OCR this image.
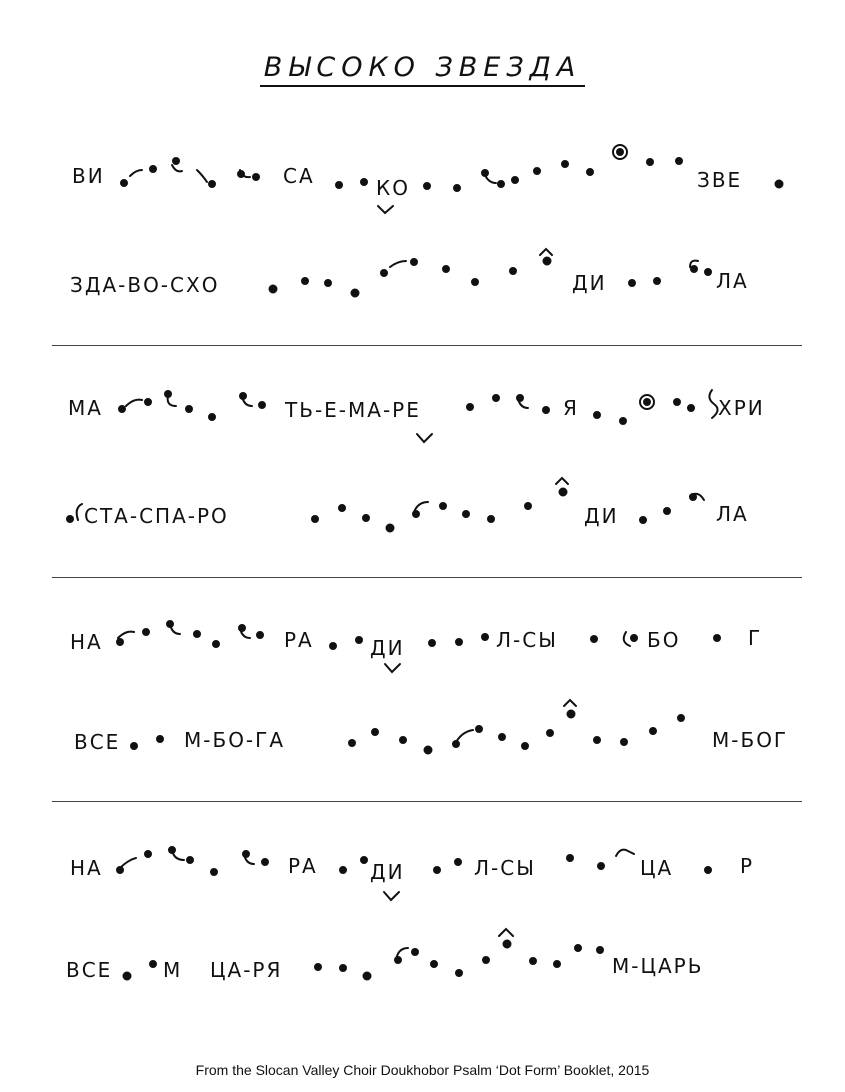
ВЫСОКО ЗВЕЗДА
ВИ	СА	КО	ЗВЕ
ЗДА-ВО-СХО	ДИ	ЛА
МА	ТЬ-Е-МА-РЕ	Я	ХРИ
СТА-СПА-РО	ДИ	ЛА
НА	РА	ДИ	Л-СЫ	БО	Г
ВСЕ	М-БО-ГА	М-БОГ
НА	РА	ДИ	Л-СЫ	ЦА	Р
ВСЕ	М ЦА-РЯ	М-ЦАРЬ
From the Slocan Valley Choir Doukhobor Psalm ‘Dot Form’ Booklet, 2015
